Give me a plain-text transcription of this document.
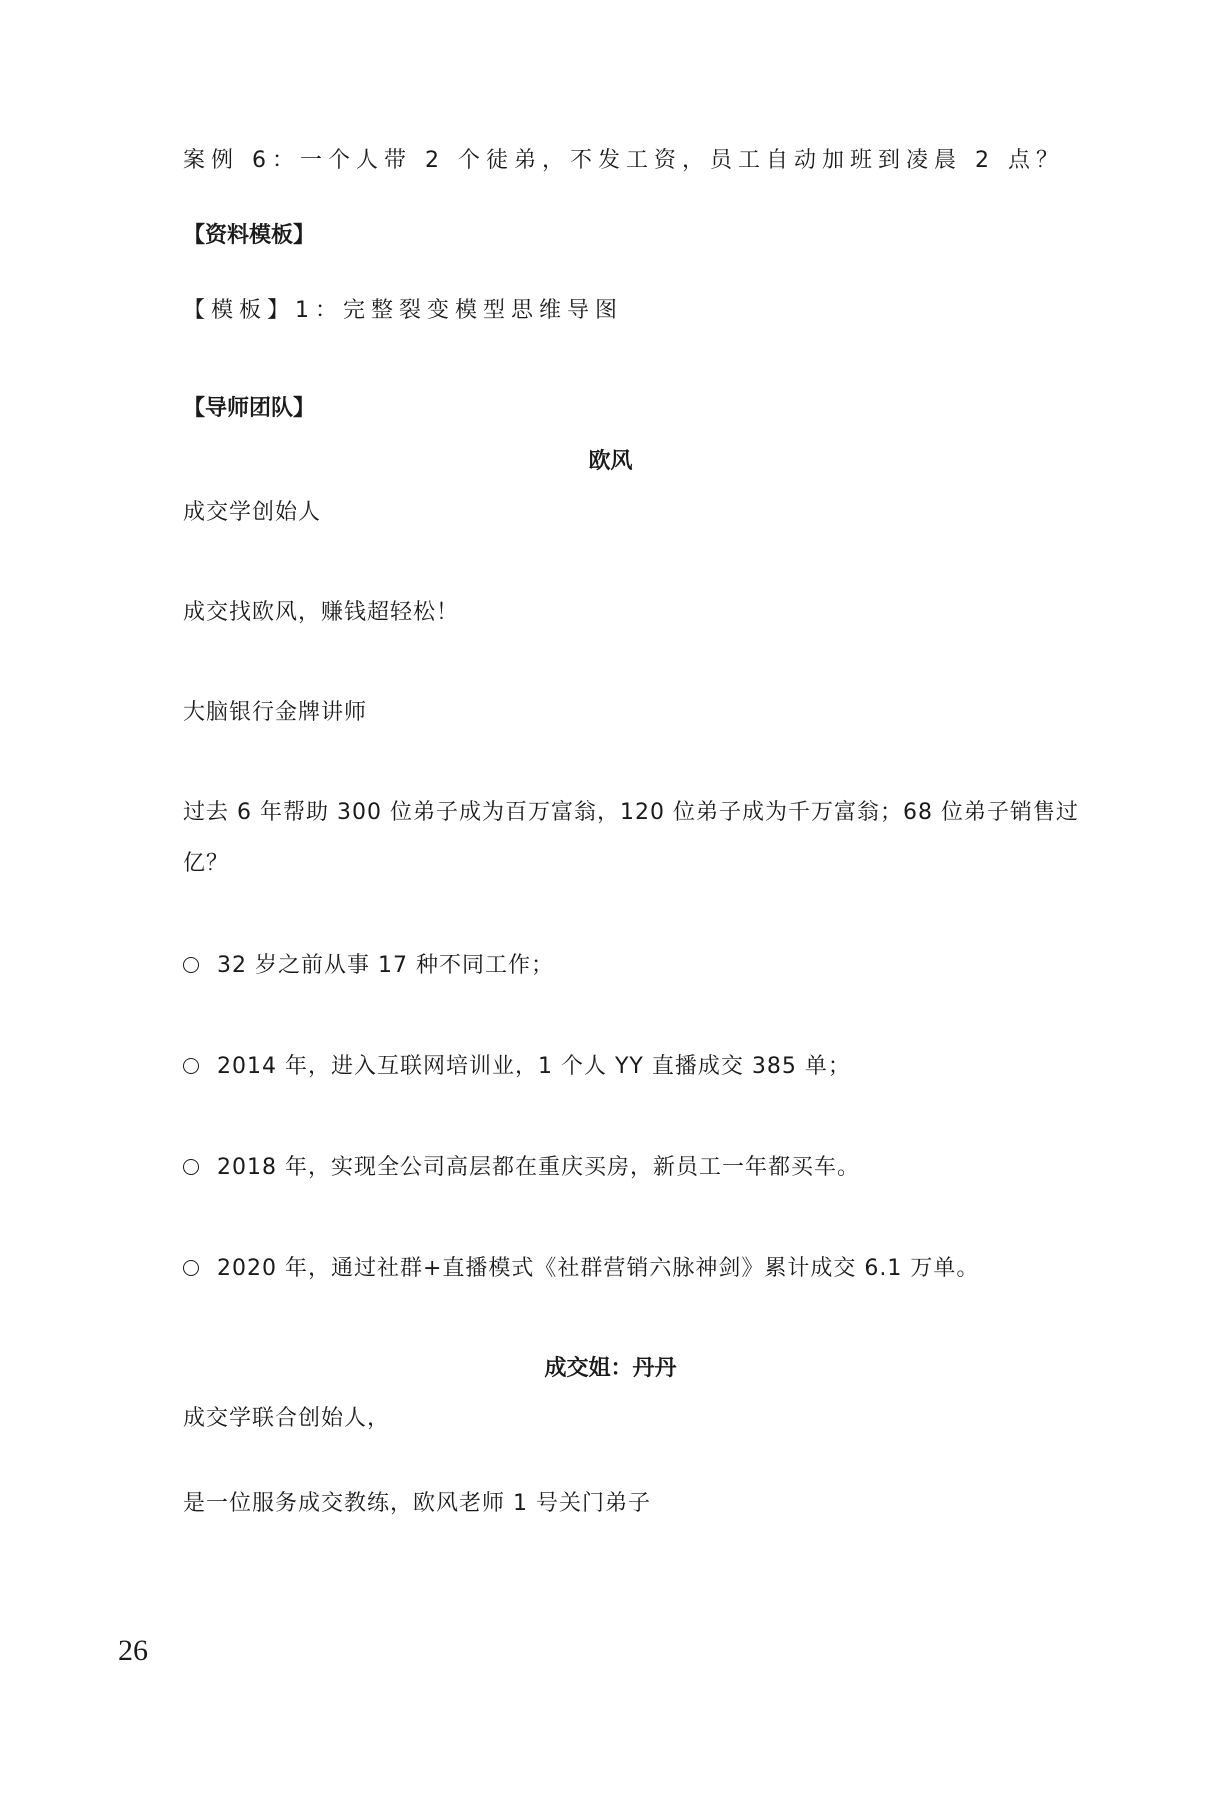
案例 6：一个人带 2 个徒弟，不发工资，员工自动加班到凌晨 2 点？
【资料模板】
【模板】1：完整裂变模型思维导图
【导师团队】
欧风
成交学创始人
成交找欧风，赚钱超轻松！
大脑银行金牌讲师
过去 6 年帮助 300 位弟子成为百万富翁，120 位弟子成为千万富翁；68 位弟子销售过
亿？
32 岁之前从事 17 种不同工作；
2014 年，进入互联网培训业，1 个人 YY 直播成交 385 单；
2018 年，实现全公司高层都在重庆买房，新员工一年都买车。
2020 年，通过社群+直播模式《社群营销六脉神剑》累计成交 6.1 万单。
成交姐：丹丹
成交学联合创始人，
是一位服务成交教练，欧风老师 1 号关门弟子
26
